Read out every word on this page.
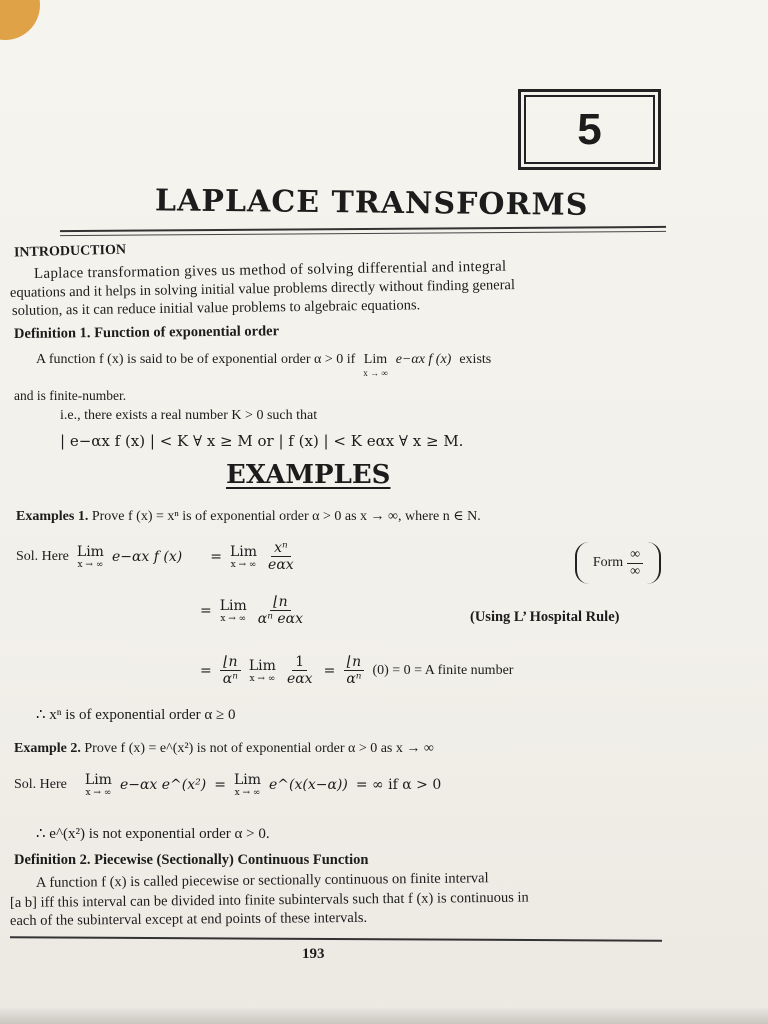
5
LAPLACE TRANSFORMS
INTRODUCTION
Laplace transformation gives us method of solving differential and integral
equations and it helps in solving initial value problems directly without finding general
solution, as it can reduce initial value problems to algebraic equations.
Definition 1. Function of exponential order
A function f (x) is said to be of exponential order α > 0 if Lim
x → ∞
e−αx f (x) exists
and is finite-number.
i.e., there exists a real number K > 0 such that
| e−αx f (x) | < K ∀ x ≥ M or | f (x) | < K eαx ∀ x ≥ M.
EXAMPLES
Examples 1. Prove f (x) = xⁿ is of exponential order α > 0 as x → ∞, where n ∈ N.
Sol. Here Lim
x → ∞ e−αx f (x) = Lim
x → ∞ $\frac{\text{xⁿ}}{\text{eαx}}$	Form $\frac{\infty}{\infty}$
= Lim
x → ∞ $\frac{⌊n}{\text{αⁿ eαx}}$	(Using L’ Hospital Rule)
= $\frac{⌊n}{\text{αⁿ}}$ Lim
x → ∞ $\frac{1}{\text{eαx}} = \frac{⌊n}{\text{αⁿ}} (0) = 0 = A$ finite number
∴ xⁿ is of exponential order α ≥ 0
Example 2. Prove f (x) = e^(x²) is not of exponential order α > 0 as x → ∞
Sol. Here Lim
x → ∞ e−αx e^(x²) = Lim
x → ∞ e^(x(x−α)) = ∞ if α > 0
∴ e^(x²) is not exponential order α > 0.
Definition 2. Piecewise (Sectionally) Continuous Function
A function f (x) is called piecewise or sectionally continuous on finite interval
[a b] iff this interval can be divided into finite subintervals such that f (x) is continuous in
each of the subinterval except at end points of these intervals.
193
